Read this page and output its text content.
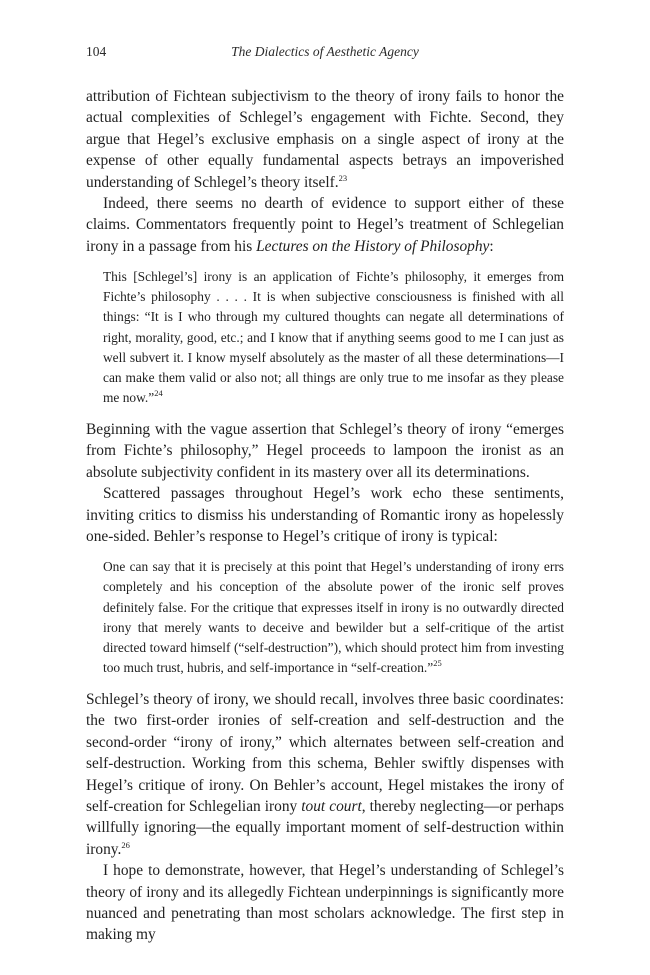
104	The Dialectics of Aesthetic Agency

attribution of Fichtean subjectivism to the theory of irony fails to honor the actual complexities of Schlegel’s engagement with Fichte. Second, they argue that Hegel’s exclusive emphasis on a single aspect of irony at the expense of other equally fundamental aspects betrays an impoverished understanding of Schlegel’s theory itself.$^{23}$

Indeed, there seems no dearth of evidence to support either of these claims. Commentators frequently point to Hegel’s treatment of Schlegelian irony in a passage from his Lectures on the History of Philosophy:

This [Schlegel’s] irony is an application of Fichte’s philosophy, it emerges from Fichte’s philosophy . . . . It is when subjective consciousness is finished with all things: “It is I who through my cultured thoughts can negate all determinations of right, morality, good, etc.; and I know that if anything seems good to me I can just as well subvert it. I know myself absolutely as the master of all these determinations—I can make them valid or also not; all things are only true to me insofar as they please me now.”$^{24}$

Beginning with the vague assertion that Schlegel’s theory of irony “emerges from Fichte’s philosophy,” Hegel proceeds to lampoon the ironist as an absolute subjectivity confident in its mastery over all its determinations.

Scattered passages throughout Hegel’s work echo these sentiments, inviting critics to dismiss his understanding of Romantic irony as hopelessly one-sided. Behler’s response to Hegel’s critique of irony is typical:

One can say that it is precisely at this point that Hegel’s understanding of irony errs completely and his conception of the absolute power of the ironic self proves definitely false. For the critique that expresses itself in irony is no outwardly directed irony that merely wants to deceive and bewilder but a self-critique of the artist directed toward himself (“self-destruction”), which should protect him from investing too much trust, hubris, and self-importance in “self-creation.”$^{25}$

Schlegel’s theory of irony, we should recall, involves three basic coordinates: the two first-order ironies of self-creation and self-destruction and the second-order “irony of irony,” which alternates between self-creation and self-destruction. Working from this schema, Behler swiftly dispenses with Hegel’s critique of irony. On Behler’s account, Hegel mistakes the irony of self-creation for Schlegelian irony tout court, thereby neglecting—or perhaps willfully ignoring—the equally important moment of self-destruction within irony.$^{26}$

I hope to demonstrate, however, that Hegel’s understanding of Schlegel’s theory of irony and its allegedly Fichtean underpinnings is significantly more nuanced and penetrating than most scholars acknowledge. The first step in making my
